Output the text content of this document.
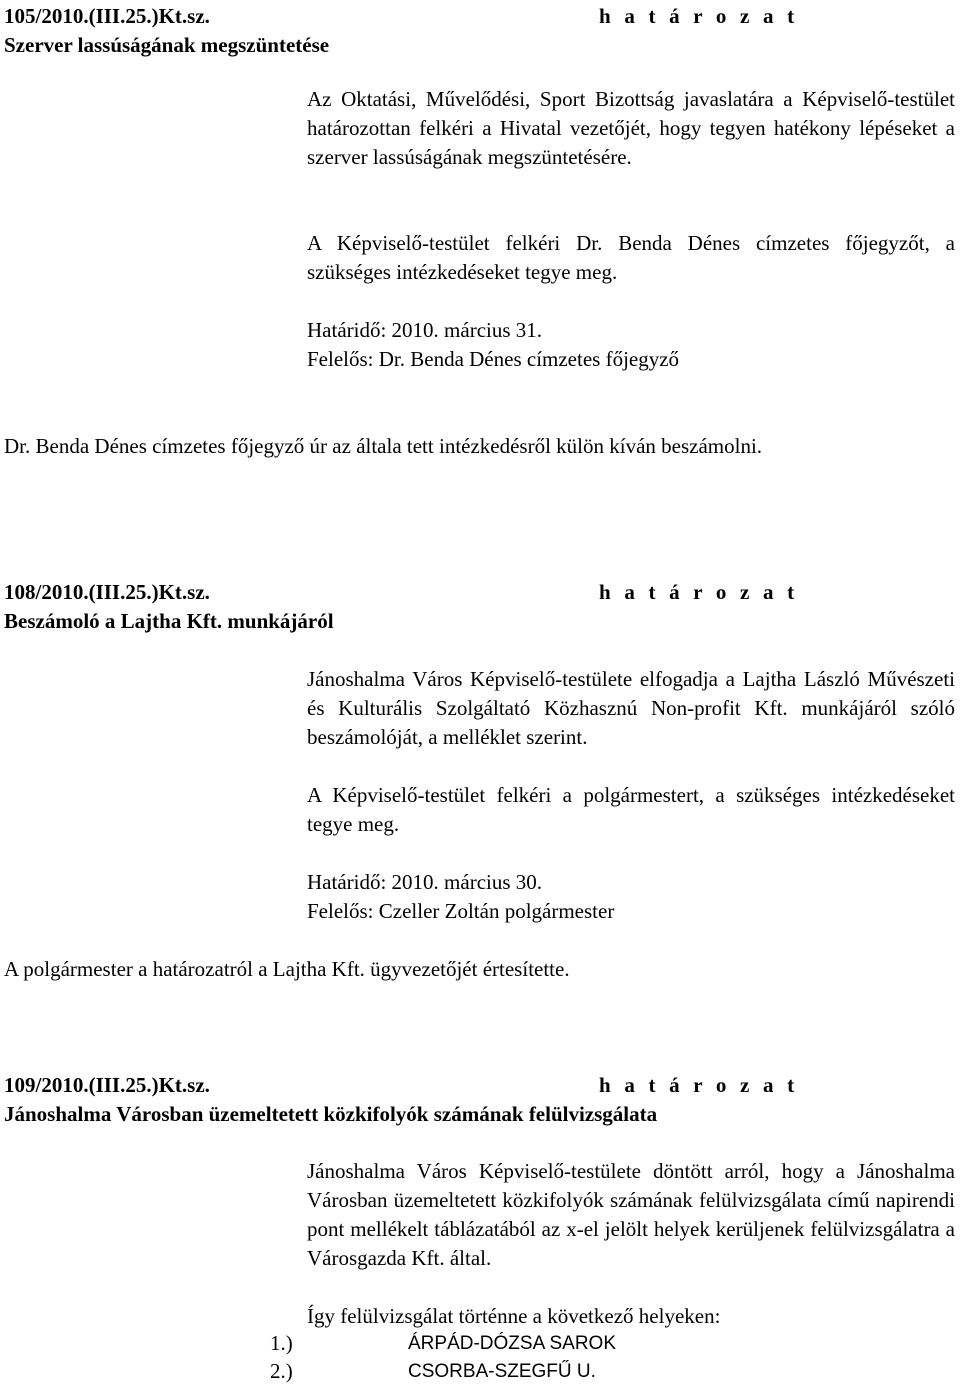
105/2010.(III.25.)Kt.sz.	h a t á r o z a t
Szerver lassúságának megszüntetése
Az Oktatási, Művelődési, Sport Bizottság javaslatára a Képviselő-testület határozottan felkéri a Hivatal vezetőjét, hogy tegyen hatékony lépéseket a szerver lassúságának megszüntetésére.
A Képviselő-testület felkéri Dr. Benda Dénes címzetes főjegyzőt, a szükséges intézkedéseket tegye meg.
Határidő: 2010. március 31.
Felelős: Dr. Benda Dénes címzetes főjegyző
Dr. Benda Dénes címzetes főjegyző úr az általa tett intézkedésről külön kíván beszámolni.
108/2010.(III.25.)Kt.sz.	h a t á r o z a t
Beszámoló a Lajtha Kft. munkájáról
Jánoshalma Város Képviselő-testülete elfogadja a Lajtha László Művészeti és Kulturális Szolgáltató Közhasznú Non-profit Kft. munkájáról szóló beszámolóját, a melléklet szerint.
A Képviselő-testület felkéri a polgármestert, a szükséges intézkedéseket tegye meg.
Határidő: 2010. március 30.
Felelős: Czeller Zoltán polgármester
A polgármester a határozatról a Lajtha Kft. ügyvezetőjét értesítette.
109/2010.(III.25.)Kt.sz.	h a t á r o z a t
Jánoshalma Városban üzemeltetett közkifolyók számának felülvizsgálata
Jánoshalma Város Képviselő-testülete döntött arról, hogy a Jánoshalma Városban üzemeltetett közkifolyók számának felülvizsgálata című napirendi pont mellékelt táblázatából az x-el jelölt helyek kerüljenek felülvizsgálatra a Városgazda Kft. által.
Így felülvizsgálat történne a következő helyeken:
1.)	ÁRPÁD-DÓZSA SAROK
2.)	CSORBA-SZEGFŰ U.
